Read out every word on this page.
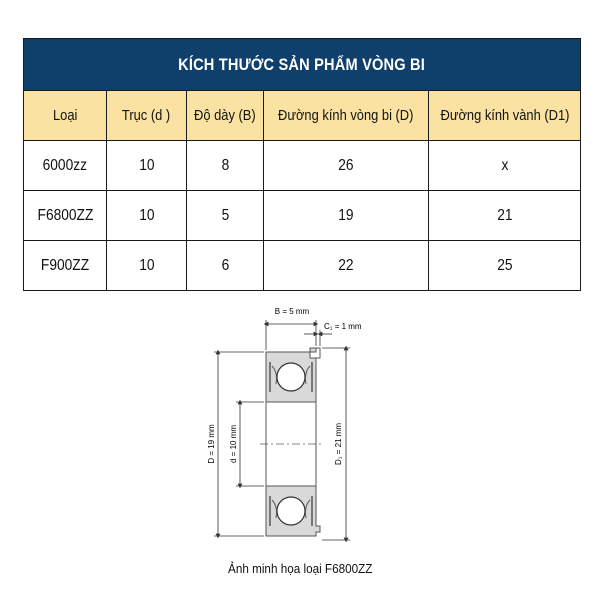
KÍCH THƯỚC SẢN PHẨM VÒNG BI				
Loại	Trục (d )	Độ dày (B)	Đường kính vòng bi (D)	Đường kính vành (D1)
6000zz	10	8	26	x
F6800ZZ	10	5	19	21
F900ZZ	10	6	22	25
B = 5 mm
C₁ = 1 mm
D = 19 mm d = 10 mm	D₁ = 21 mm
Ảnh minh họa loại F6800ZZ
